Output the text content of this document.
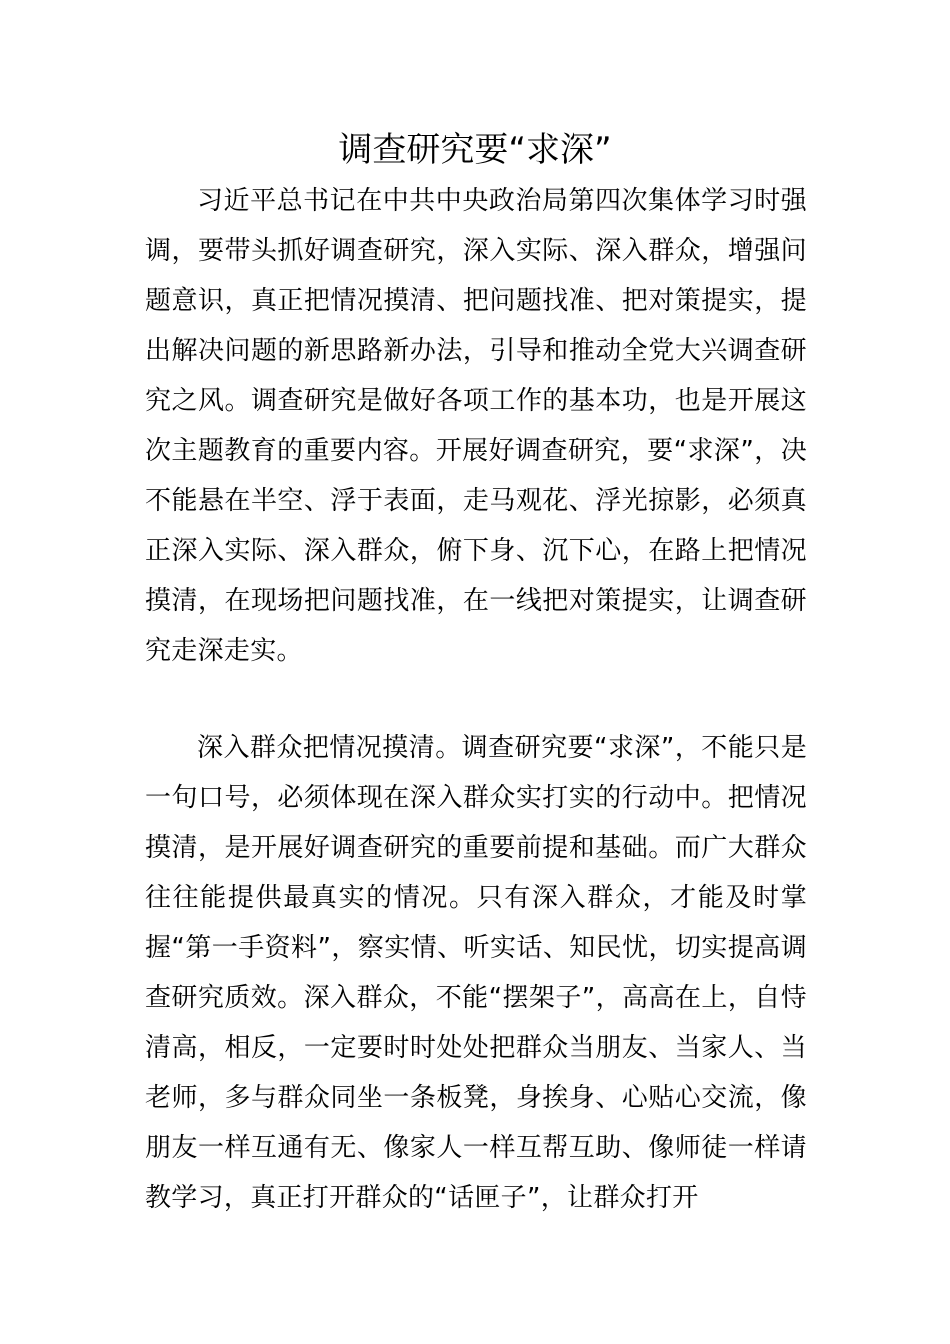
调查研究要“求深”

习近平总书记在中共中央政治局第四次集体学习时强调，要带头抓好调查研究，深入实际、深入群众，增强问题意识，真正把情况摸清、把问题找准、把对策提实，提出解决问题的新思路新办法，引导和推动全党大兴调查研究之风。调查研究是做好各项工作的基本功，也是开展这次主题教育的重要内容。开展好调查研究，要“求深”，决不能悬在半空、浮于表面，走马观花、浮光掠影，必须真正深入实际、深入群众，俯下身、沉下心，在路上把情况摸清，在现场把问题找准，在一线把对策提实，让调查研究走深走实。

深入群众把情况摸清。调查研究要“求深”，不能只是一句口号，必须体现在深入群众实打实的行动中。把情况摸清，是开展好调查研究的重要前提和基础。而广大群众往往能提供最真实的情况。只有深入群众，才能及时掌握“第一手资料”，察实情、听实话、知民忧，切实提高调查研究质效。深入群众，不能“摆架子”，高高在上，自恃清高，相反，一定要时时处处把群众当朋友、当家人、当老师，多与群众同坐一条板凳，身挨身、心贴心交流，像朋友一样互通有无、像家人一样互帮互助、像师徒一样请教学习，真正打开群众的“话匣子”，让群众打开
